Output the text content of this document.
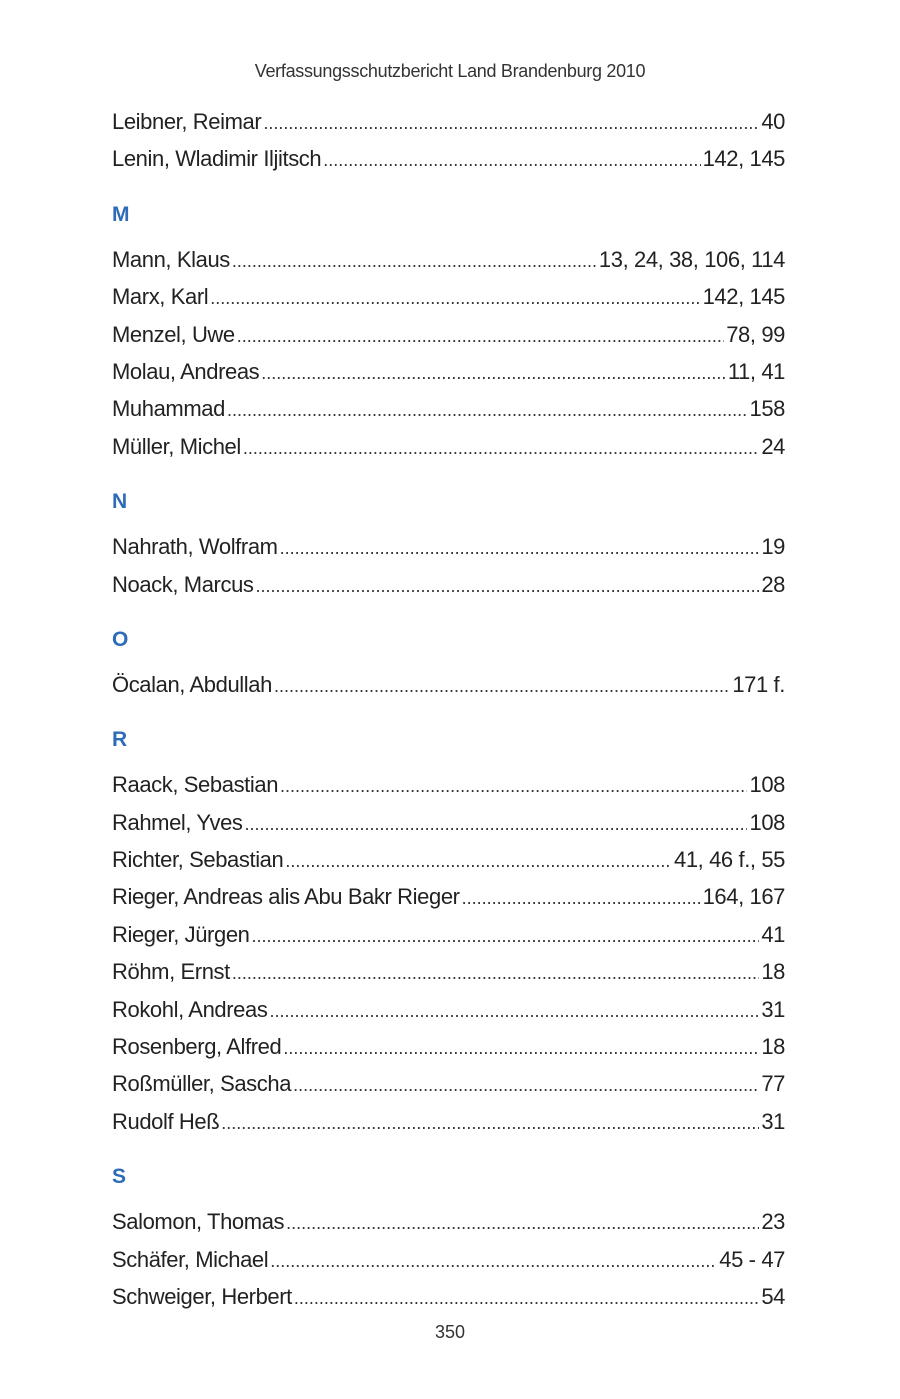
Verfassungsschutzbericht Land Brandenburg 2010
Leibner, Reimar .....	40
Lenin, Wladimir Iljitsch .....	142, 145
M
Mann, Klaus .....	13, 24, 38, 106, 114
Marx, Karl .....	142, 145
Menzel, Uwe .....	78, 99
Molau, Andreas .....	11, 41
Muhammad .....	158
Müller, Michel .....	24
N
Nahrath, Wolfram .....	19
Noack, Marcus .....	28
O
Öcalan, Abdullah .....	171 f.
R
Raack, Sebastian .....	108
Rahmel, Yves .....	108
Richter, Sebastian .....	41, 46 f., 55
Rieger, Andreas alis Abu Bakr Rieger .....	164, 167
Rieger, Jürgen .....	41
Röhm, Ernst .....	18
Rokohl, Andreas .....	31
Rosenberg, Alfred .....	18
Roßmüller, Sascha .....	77
Rudolf Heß .....	31
S
Salomon, Thomas .....	23
Schäfer, Michael .....	45 - 47
Schweiger, Herbert .....	54
350
